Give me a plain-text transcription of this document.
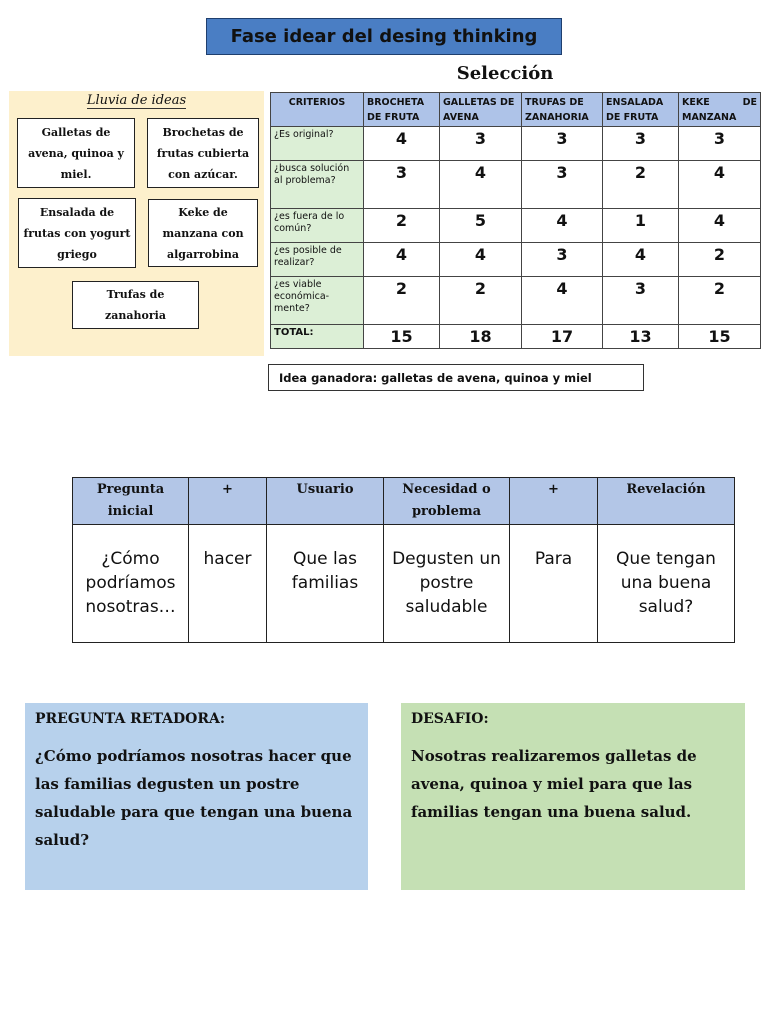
Fase idear del desing thinking
Selección
Lluvia de ideas
Galletas de avena, quinoa y miel.
Brochetas de frutas cubierta con azúcar.
Ensalada de frutas con yogurt griego
Keke de manzana con algarrobina
Trufas de zanahoria
CRITERIOS	BROCHETA DE FRUTA	GALLETAS DE AVENA	TRUFAS DE ZANAHORIA	ENSALADA DE FRUTA	KEKE DE MANZANA
¿Es original?	4	3	3	3	3
¿busca solución al problema?	3	4	3	2	4
¿es fuera de lo común?	2	5	4	1	4
¿es posible de realizar?	4	4	3	4	2
¿es viable económica-mente?	2	2	4	3	2
TOTAL:	15	18	17	13	15
Idea ganadora: galletas de avena, quinoa y miel
Pregunta inicial	+	Usuario	Necesidad o problema	+	Revelación
¿Cómo podríamos nosotras…	hacer	Que las familias	Degusten un postre saludable	Para	Que tengan una buena salud?
PREGUNTA RETADORA:
¿Cómo podríamos nosotras hacer que las familias degusten un postre saludable para que tengan una buena salud?
DESAFIO:
Nosotras realizaremos galletas de avena, quinoa y miel para que las familias tengan una buena salud.
